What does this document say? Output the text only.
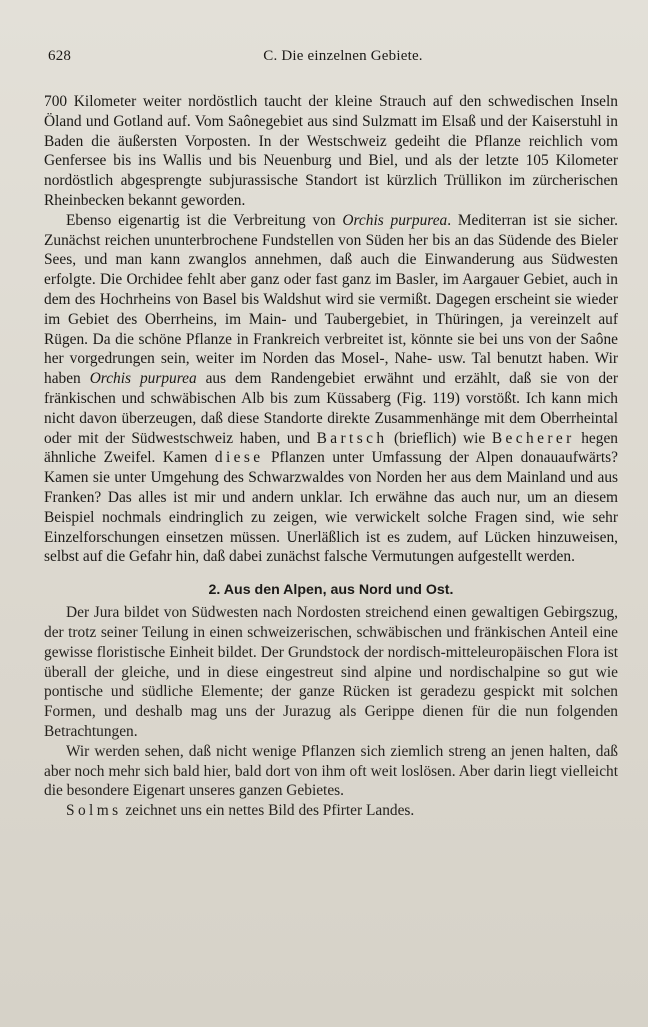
628	C. Die einzelnen Gebiete.

700 Kilometer weiter nordöstlich taucht der kleine Strauch auf den schwedischen Inseln Öland und Gotland auf. Vom Saônegebiet aus sind Sulzmatt im Elsaß und der Kaiserstuhl in Baden die äußersten Vorposten. In der Westschweiz gedeiht die Pflanze reichlich vom Genfersee bis ins Wallis und bis Neuenburg und Biel, und als der letzte 105 Kilometer nordöstlich abgesprengte subjurassische Standort ist kürzlich Trüllikon im zürcherischen Rheinbecken bekannt geworden.

Ebenso eigenartig ist die Verbreitung von Orchis purpurea. Mediterran ist sie sicher. Zunächst reichen ununterbrochene Fundstellen von Süden her bis an das Südende des Bieler Sees, und man kann zwanglos annehmen, daß auch die Einwanderung aus Südwesten erfolgte. Die Orchidee fehlt aber ganz oder fast ganz im Basler, im Aargauer Gebiet, auch in dem des Hochrheins von Basel bis Waldshut wird sie vermißt. Dagegen erscheint sie wieder im Gebiet des Oberrheins, im Main- und Taubergebiet, in Thüringen, ja vereinzelt auf Rügen. Da die schöne Pflanze in Frankreich verbreitet ist, könnte sie bei uns von der Saône her vorgedrungen sein, weiter im Norden das Mosel-, Nahe- usw. Tal benutzt haben. Wir haben Orchis purpurea aus dem Randengebiet erwähnt und erzählt, daß sie von der fränkischen und schwäbischen Alb bis zum Küssaberg (Fig. 119) vorstößt. Ich kann mich nicht davon überzeugen, daß diese Standorte direkte Zusammenhänge mit dem Oberrheintal oder mit der Südwestschweiz haben, und Bartsch (brieflich) wie Becherer hegen ähnliche Zweifel. Kamen diese Pflanzen unter Umfassung der Alpen donauaufwärts? Kamen sie unter Umgehung des Schwarzwaldes von Norden her aus dem Mainland und aus Franken? Das alles ist mir und andern unklar. Ich erwähne das auch nur, um an diesem Beispiel nochmals eindringlich zu zeigen, wie verwickelt solche Fragen sind, wie sehr Einzelforschungen einsetzen müssen. Unerläßlich ist es zudem, auf Lücken hinzuweisen, selbst auf die Gefahr hin, daß dabei zunächst falsche Vermutungen aufgestellt werden.

2. Aus den Alpen, aus Nord und Ost.

Der Jura bildet von Südwesten nach Nordosten streichend einen gewaltigen Gebirgszug, der trotz seiner Teilung in einen schweizerischen, schwäbischen und fränkischen Anteil eine gewisse floristische Einheit bildet. Der Grundstock der nordisch-mitteleuropäischen Flora ist überall der gleiche, und in diese eingestreut sind alpine und nordischalpine so gut wie pontische und südliche Elemente; der ganze Rücken ist geradezu gespickt mit solchen Formen, und deshalb mag uns der Jurazug als Gerippe dienen für die nun folgenden Betrachtungen.

Wir werden sehen, daß nicht wenige Pflanzen sich ziemlich streng an jenen halten, daß aber noch mehr sich bald hier, bald dort von ihm oft weit loslösen. Aber darin liegt vielleicht die besondere Eigenart unseres ganzen Gebietes.

Solms zeichnet uns ein nettes Bild des Pfirter Landes.
